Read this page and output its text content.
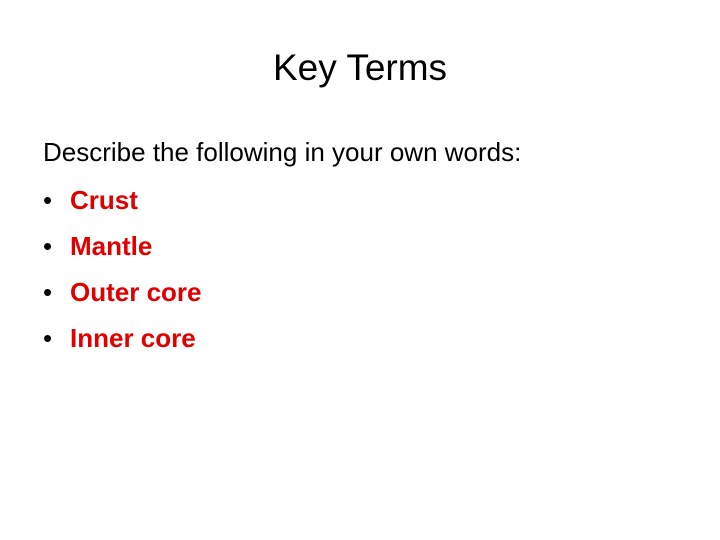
Key Terms
Describe the following in your own words:
• Crust
• Mantle
• Outer core
• Inner core
